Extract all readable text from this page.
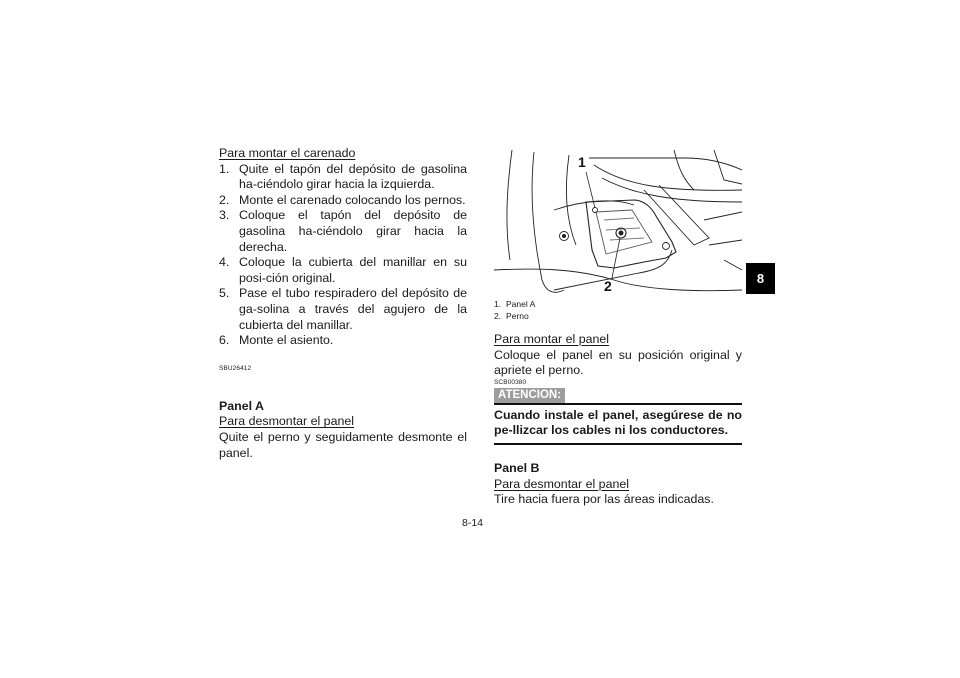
Para montar el carenado
1. Quite el tapón del depósito de gasolina ha-ciéndolo girar hacia la izquierda.
2. Monte el carenado colocando los pernos.
3. Coloque el tapón del depósito de gasolina ha-ciéndolo girar hacia la derecha.
4. Coloque la cubierta del manillar en su posi-ción original.
5. Pase el tubo respiradero del depósito de ga-solina a través del agujero de la cubierta del manillar.
6. Monte el asiento.
SBU26412
Panel A
Para desmontar el panel
Quite el perno y seguidamente desmonte el panel.
1
2
1. Panel A
2. Perno
Para montar el panel
Coloque el panel en su posición original y apriete el perno.
SCB00380
ATENCION:
Cuando instale el panel, asegúrese de no pe-llizcar los cables ni los conductores.
Panel B
Para desmontar el panel
Tire hacia fuera por las áreas indicadas.
8
8-14
